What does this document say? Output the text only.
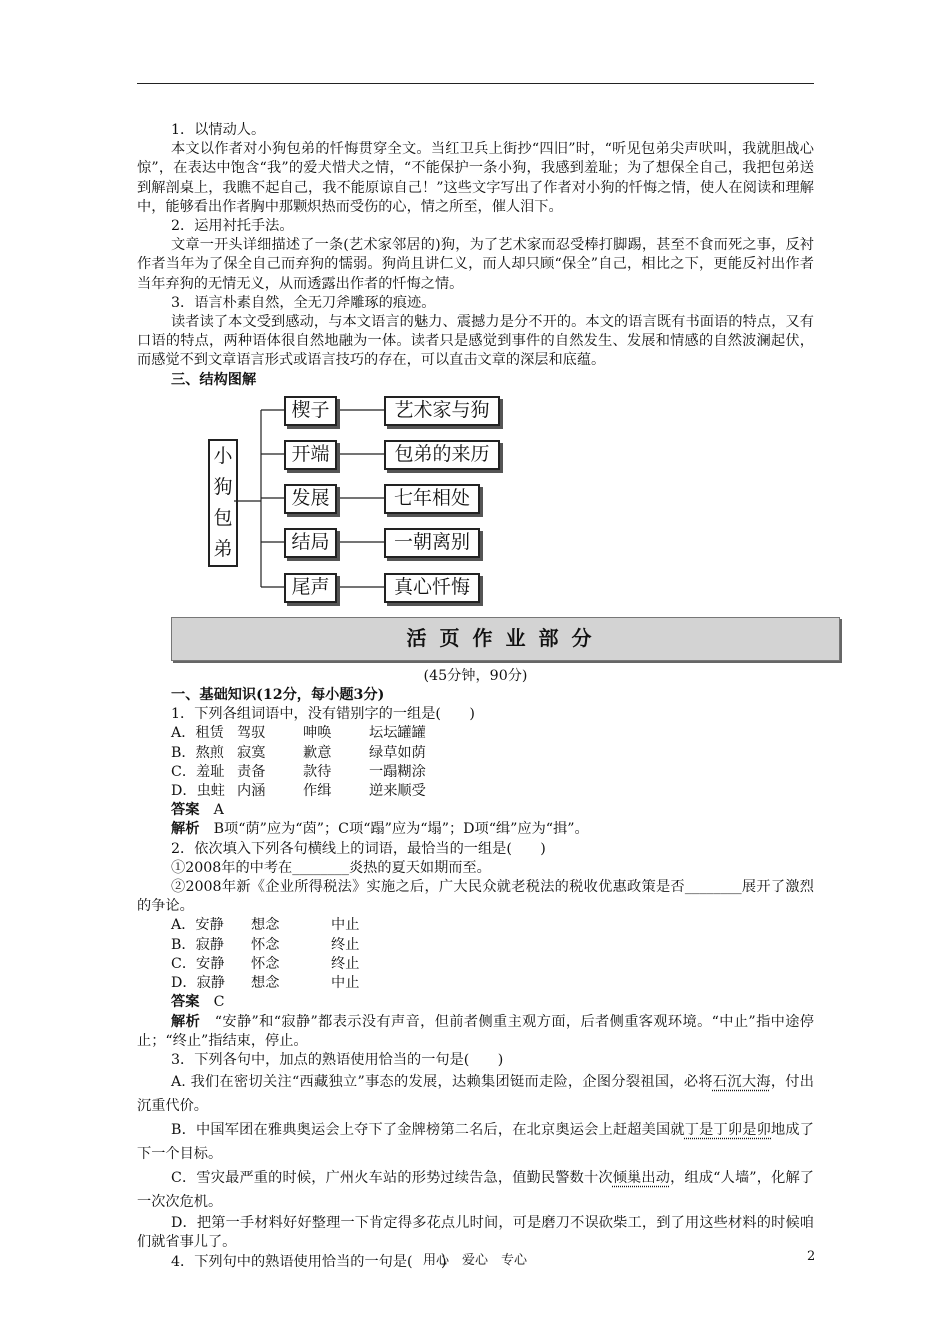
1．以情动人。

本文以作者对小狗包弟的忏悔贯穿全文。当红卫兵上街抄“四旧”时，“听见包弟尖声吠叫，我就胆战心惊”，在表达中饱含“我”的爱犬惜犬之情，“不能保护一条小狗，我感到羞耻；为了想保全自己，我把包弟送到解剖桌上，我瞧不起自己，我不能原谅自己！”这些文字写出了作者对小狗的忏悔之情，使人在阅读和理解中，能够看出作者胸中那颗炽热而受伤的心，情之所至，催人泪下。

2．运用衬托手法。

文章一开头详细描述了一条(艺术家邻居的)狗，为了艺术家而忍受棒打脚踢，甚至不食而死之事，反衬作者当年为了保全自己而弃狗的懦弱。狗尚且讲仁义，而人却只顾“保全”自己，相比之下，更能反衬出作者当年弃狗的无情无义，从而透露出作者的忏悔之情。

3．语言朴素自然，全无刀斧雕琢的痕迹。

读者读了本文受到感动，与本文语言的魅力、震撼力是分不开的。本文的语言既有书面语的特点，又有口语的特点，两种语体很自然地融为一体。读者只是感觉到事件的自然发生、发展和情感的自然波澜起伏，而感觉不到文章语言形式或语言技巧的存在，可以直击文章的深层和底蕴。

三、结构图解

小
狗
包
弟
楔子
开端
发展
结局
尾声
艺术家与狗
包弟的来历
七年相处
一朝离别
真心忏悔
活页作业部分

(45分钟，90分)

一、基础知识(12分，每小题3分)

1．下列各组词语中，没有错别字的一组是(　　)

A．租赁 驾驭	呻唤	坛坛罐罐
B．熬煎 寂寞	歉意	绿草如荫
C．羞耻 责备	款待	一蹋糊涂
D．虫蛀 内涵	作缉	逆来顺受

答案　 A

解析　 B项“荫”应为“茵”；C项“蹋”应为“塌”；D项“缉”应为“揖”。

2．依次填入下列各句横线上的词语，最恰当的一组是(　　)

①2008年的中考在________炎热的夏天如期而至。

②2008年新《企业所得税法》实施之后，广大民众就老税法的税收优惠政策是否________展开了激烈的争论。

A．安静	想念	中止
B．寂静	怀念	终止
C．安静	怀念	终止
D．寂静	想念	中止

答案　 C

解析　 “安静”和“寂静”都表示没有声音，但前者侧重主观方面，后者侧重客观环境。“中止”指中途停止；“终止”指结束，停止。

3．下列各句中，加点的熟语使用恰当的一句是(　　)

A. 我们在密切关注“西藏独立”事态的发展，达赖集团铤而走险，企图分裂祖国，必将石沉大海，付出沉重代价。

B．中国军团在雅典奥运会上夺下了金牌榜第二名后，在北京奥运会上赶超美国就丁是丁卯是卯地成了下一个目标。

C．雪灾最严重的时候，广州火车站的形势过续告急，值勤民警数十次倾巢出动，组成“人墙”，化解了一次次危机。

D．把第一手材料好好整理一下肯定得多花点儿时间，可是磨刀不误砍柴工，到了用这些材料的时候咱们就省事儿了。

4．下列句中的熟语使用恰当的一句是(　　)

用心　爱心　专心	2
